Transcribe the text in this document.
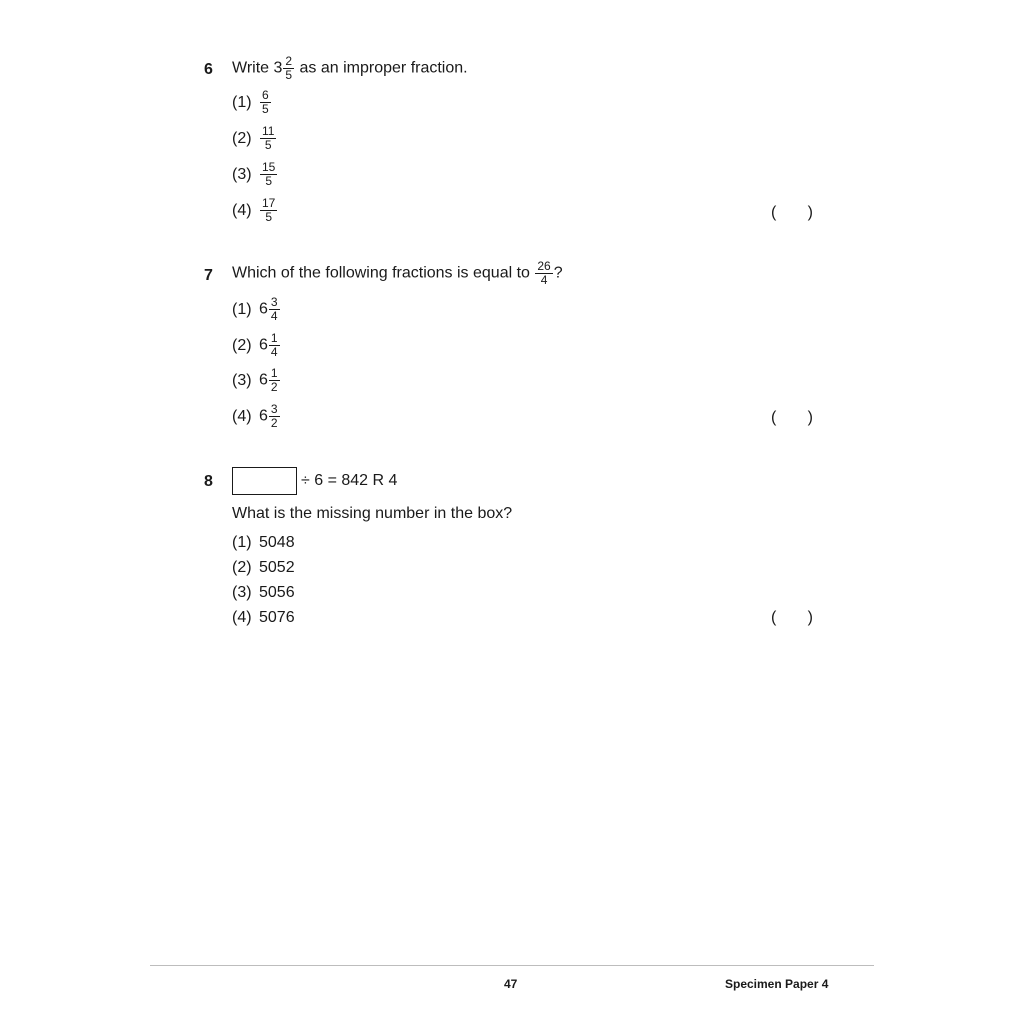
6 Write $3 \frac{2}{5}$ as an improper fraction.
$(1) \frac{6}{5}$
$(2) \frac{11}{5}$
$(3) \frac{15}{5}$
$(4) \frac{17}{5}$	( )
7 Which of the following fractions is equal to $\frac{26}{4}$ ?
(1) $6 \frac{3}{4}$
(2) $6 \frac{1}{4}$
(3) $6 \frac{1}{2}$
(4) $6 \frac{3}{2}$	( )
8	÷ 6 = 842 R 4
What is the missing number in the box?
(1) 5048
(2) 5052
(3) 5056
(4) 5076	( )
47	Specimen Paper 4
